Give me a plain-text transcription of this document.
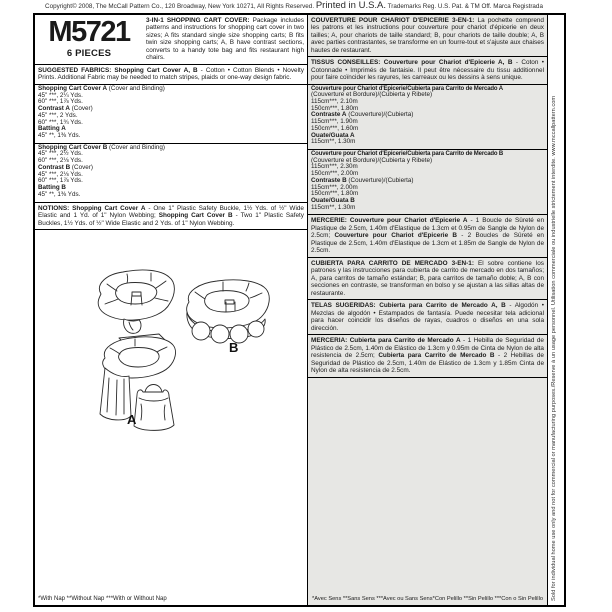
Copyright© 2008, The McCall Pattern Co., 120 Broadway, New York 10271, All Rights Reserved. Printed in U.S.A. Trademarks Reg. U.S. Pat. & TM Off. Marca Registrada
M5721
6 PIECES
3-IN-1 SHOPPING CART COVER: Package includes patterns and instructions for shopping cart cover in two sizes; A fits standard single size shopping carts; B fits twin size shopping carts; A, B have contrast sections, converts to a handy tote bag and fits restaurant high chairs.
SUGGESTED FABRICS: Shopping Cart Cover A, B - Cotton • Cotton Blends • Novelty Prints. Additional Fabric may be needed to match stripes, plaids or one-way design fabric.
Shopping Cart Cover A (Cover and Binding)
45" ***, 2¼ Yds.
60" ***, 1⅞ Yds.
Contrast A (Cover)
45" ***, 2 Yds.
60" ***, 1¾ Yds.
Batting A
45" **, 1⅜ Yds.
Shopping Cart Cover B (Cover and Binding)
45" ***, 2½ Yds.
60" ***, 2⅛ Yds.
Contrast B (Cover)
45" ***, 2⅛ Yds.
60" ***, 1⅞ Yds.
Batting B
45" **, 1⅜ Yds.
NOTIONS: Shopping Cart Cover A - One 1" Plastic Safety Buckle, 1½ Yds. of ½" Wide Elastic and 1 Yd. of 1" Nylon Webbing; Shopping Cart Cover B - Two 1" Plastic Safety Buckles, 1½ Yds. of ½" Wide Elastic and 2 Yds. of 1" Nylon Webbing.
B
A
*With Nap **Without Nap ***With or Without Nap
COUVERTURE POUR CHARIOT D'EPICERIE 3-EN-1: La pochette comprend les patrons et les instructions pour couverture pour chariot d'épicerie en deux tailles; A, pour chariots de taille standard; B, pour chariots de taille double; A, B avec parties contrastantes, se transforme en un fourre-tout et s'ajuste aux chaises hautes de restaurant.
TISSUS CONSEILLES: Couverture pour Chariot d'Epicerie A, B - Coton • Cotonnade • Imprimés de fantaisie. Il peut être nécessaire du tissu additionnel pour faire coïncider les rayures, les carreaux ou les dessins à sens unique.
Couverture pour Chariot d'Epicerie/Cubierta para Carrito de Mercado A
(Couverture et Bordure)/(Cubierta y Ribete)
115cm***, 2.10m
150cm***, 1.80m
Contraste A (Couverture)/(Cubierta)
115cm***, 1.90m
150cm***, 1.60m
Ouate/Guata A
115cm**, 1.30m
Couverture pour Chariot d'Epicerie/Cubierta para Carrito de Mercado B
(Couverture et Bordure)/(Cubierta y Ribete)
115cm***, 2.30m
150cm***, 2.00m
Contraste B (Couverture)/(Cubierta)
115cm***, 2.00m
150cm***, 1.80m
Ouate/Guata B
115cm**, 1.30m
MERCERIE: Couverture pour Chariot d'Epicerie A - 1 Boucle de Sûreté en Plastique de 2.5cm, 1.40m d'Elastique de 1.3cm et 0.95m de Sangle de Nylon de 2.5cm; Couverture pour Chariot d'Epicerie B - 2 Boucles de Sûreté en Plastique de 2.5cm, 1.40m d'Elastique de 1.3cm et 1.85m de Sangle de Nylon de 2.5cm.
CUBIERTA PARA CARRITO DE MERCADO 3-EN-1: El sobre contiene los patrones y las instrucciones para cubierta de carrito de mercado en dos tamaños; A, para carritos de tamaño estándar; B, para carritos de tamaño doble; A, B con secciones en contraste, se transforman en bolso y se ajustan a las sillas altas de restaurante.
TELAS SUGERIDAS: Cubierta para Carrito de Mercado A, B - Algodón • Mezclas de algodón • Estampados de fantasía. Puede necesitar tela adicional para hacer coincidir los diseños de rayas, cuadros o diseños en una sola dirección.
MERCERIA: Cubierta para Carrito de Mercado A - 1 Hebilla de Seguridad de Plástico de 2.5cm, 1.40m de Elástico de 1.3cm y 0.95m de Cinta de Nylon de alta resistencia de 2.5cm; Cubierta para Carrito de Mercado B - 2 Hebillas de Seguridad de Plástico de 2.5cm, 1.40m de Elástico de 1.3cm y 1.85m Cinta de Nylon de alta resistencia de 2.5cm.
*Avec Sens **Sans Sens ***Avec ou Sans Sens *Con Pelillo **Sin Pelillo ***Con o Sin Pelillo Sold for individual home use only and not for commercial or manufacturing purposes./Reserve à un usage personnel. Utilisation commerciale ou industrielle strictement interdite. www.mccallpattern.com
